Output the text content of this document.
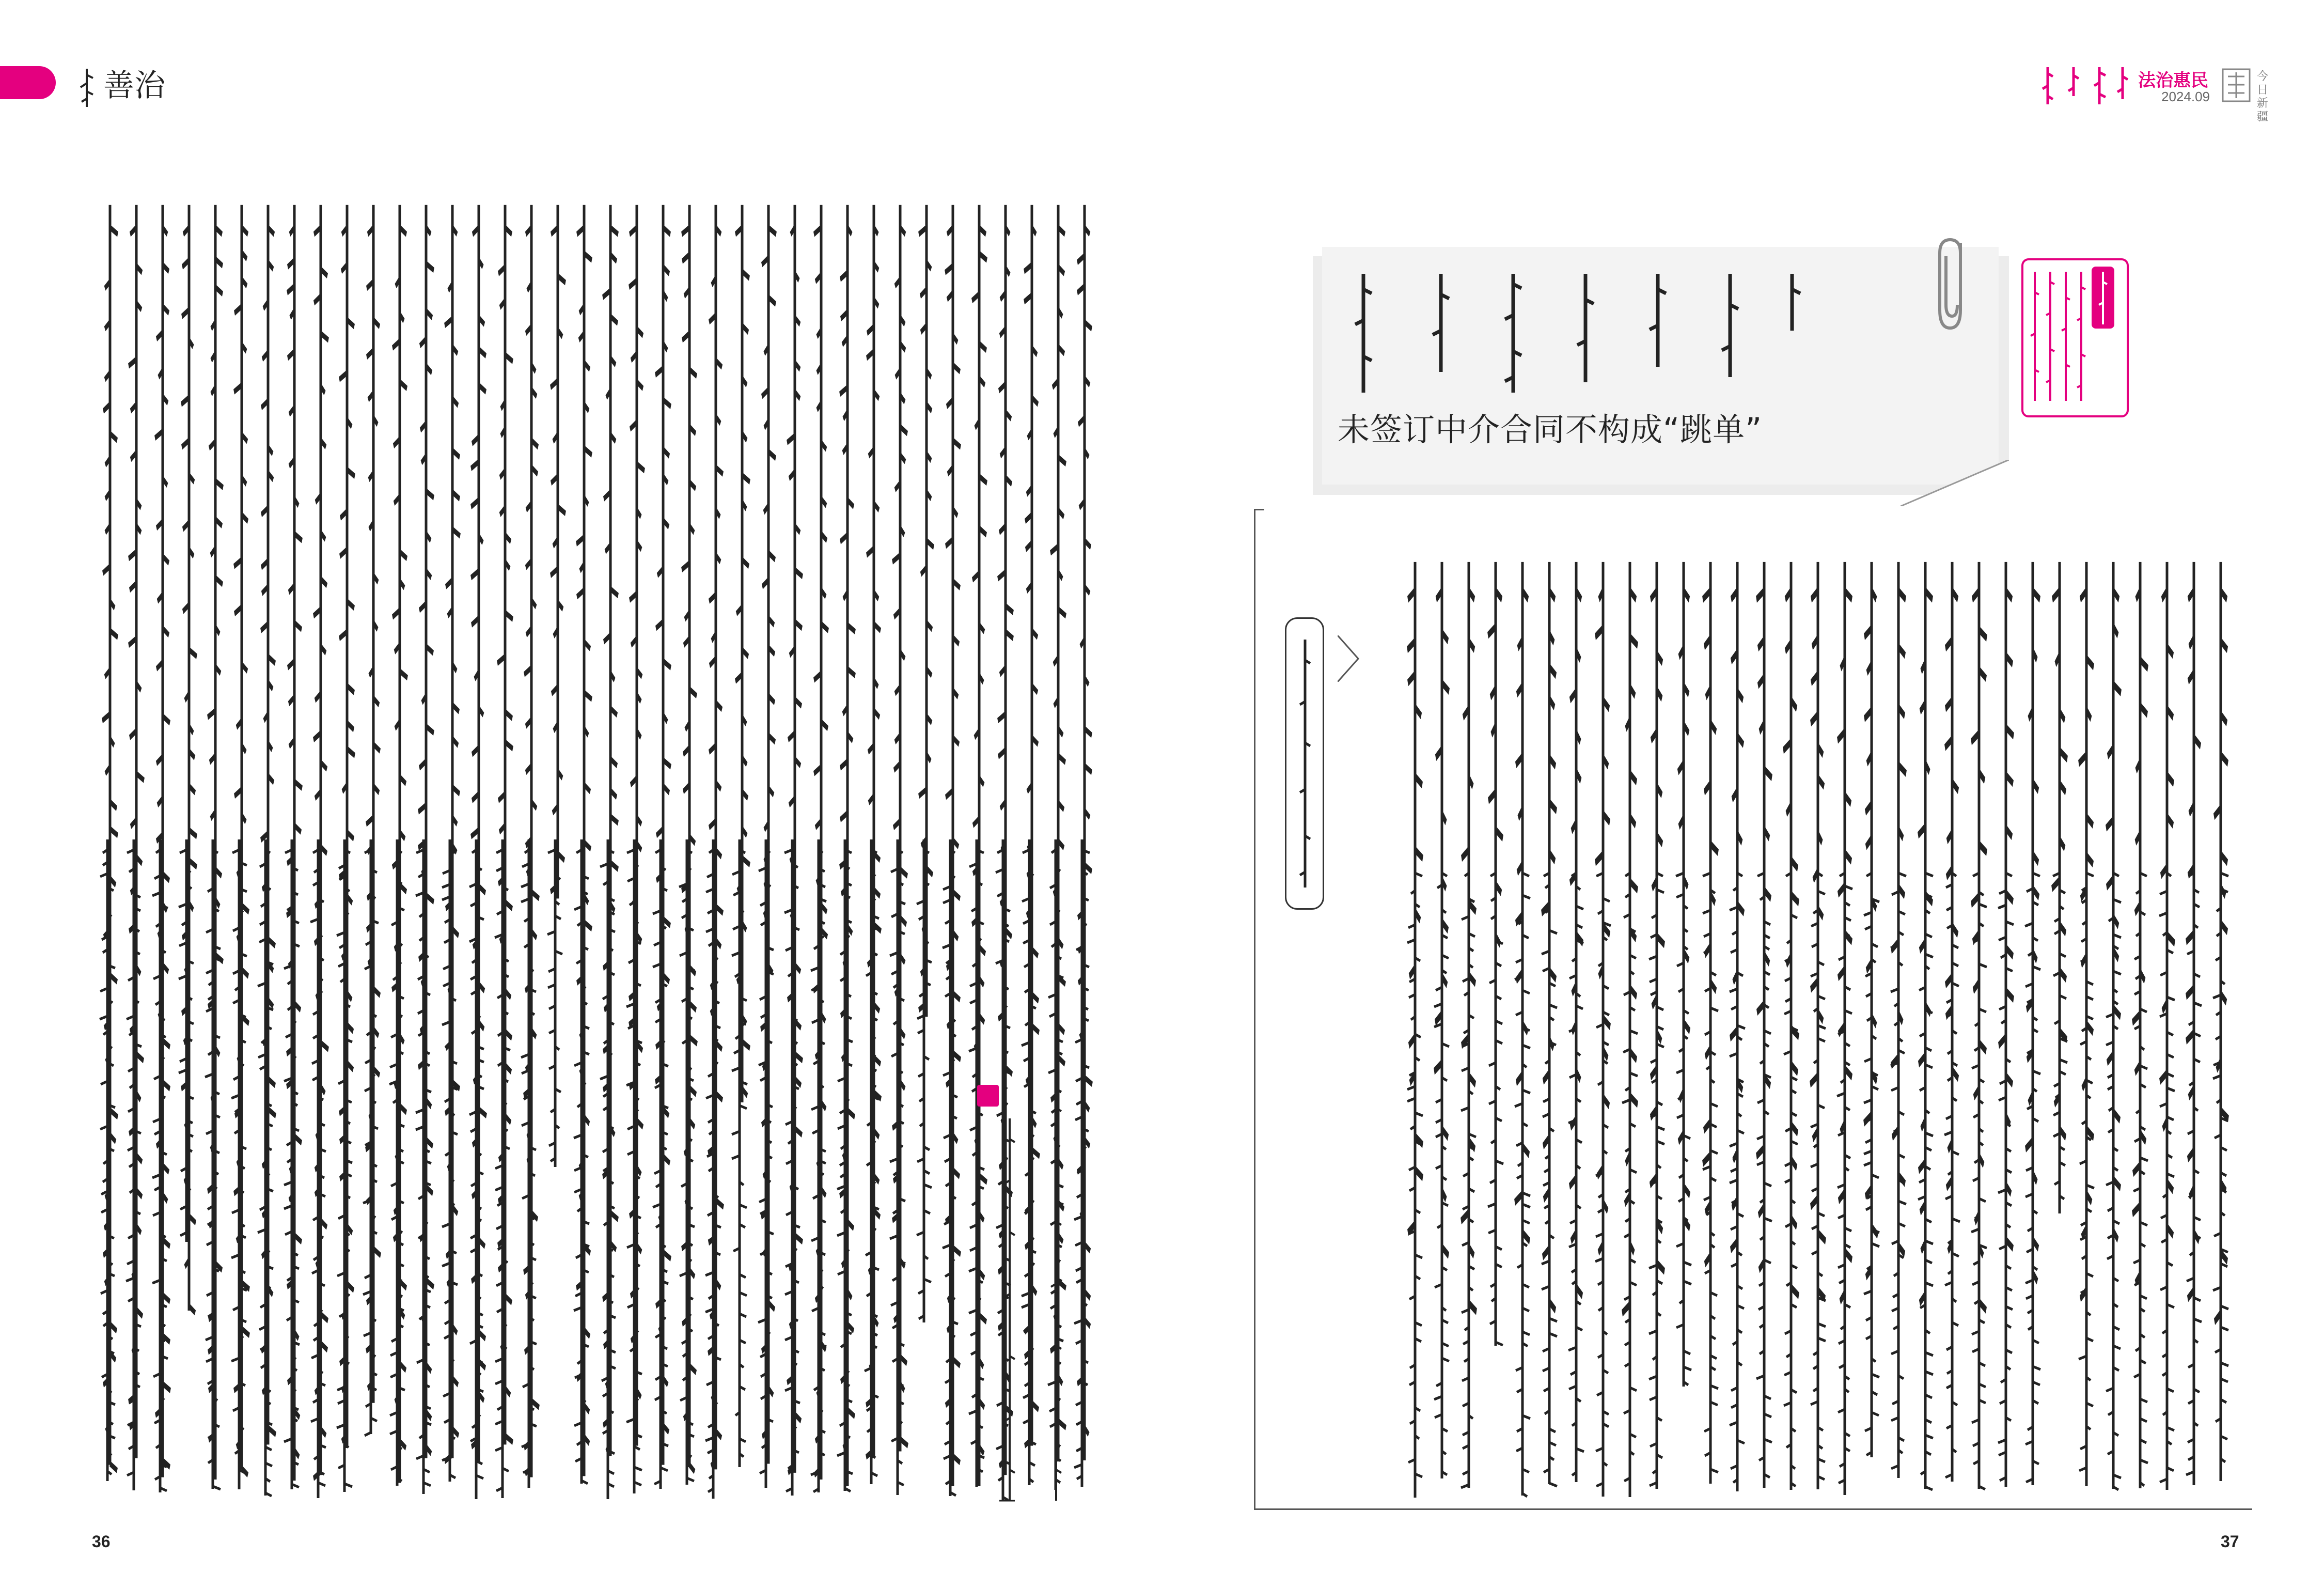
善治	法治惠民
2024.09
今日新疆
未签订中介合同不构成“跳单”
36	37
